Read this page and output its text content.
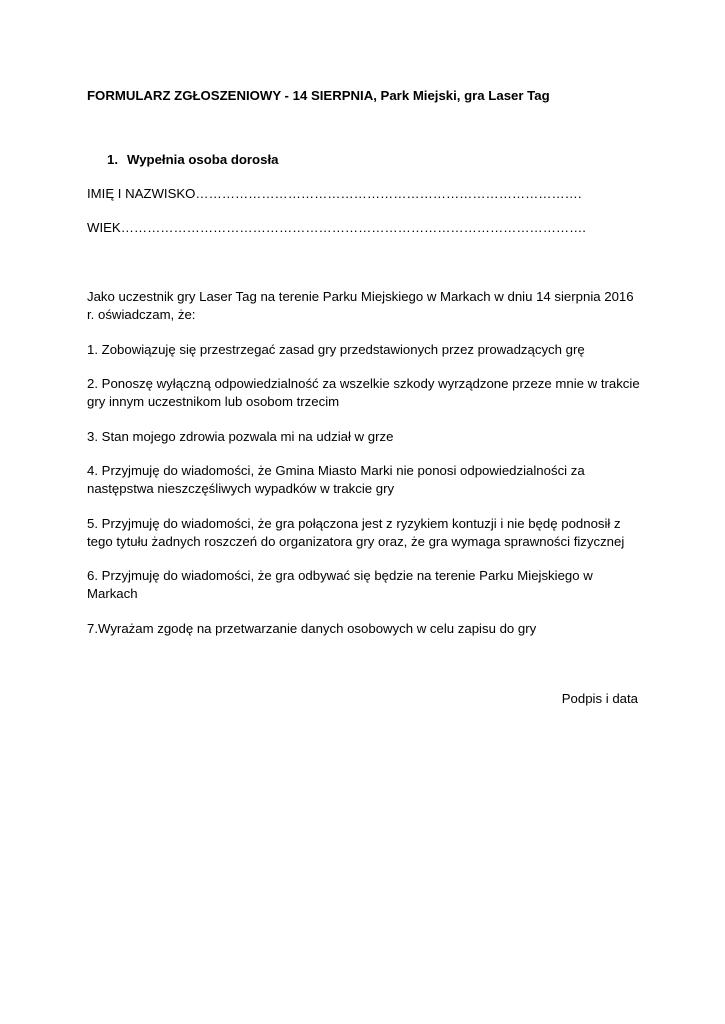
FORMULARZ ZGŁOSZENIOWY - 14 SIERPNIA, Park Miejski, gra Laser Tag
1. Wypełnia osoba dorosła
IMIĘ I NAZWISKO…………………………………………………………………………….
WIEK…………………………………………………………………………………………….
Jako uczestnik gry Laser Tag na terenie Parku Miejskiego w Markach w dniu 14 sierpnia 2016
r. oświadczam, że:
1. Zobowiązuję się przestrzegać zasad gry przedstawionych przez prowadzących grę
2. Ponoszę wyłączną odpowiedzialność za wszelkie szkody wyrządzone przeze mnie w trakcie
gry innym uczestnikom lub osobom trzecim
3. Stan mojego zdrowia pozwala mi na udział w grze
4. Przyjmuję do wiadomości, że Gmina Miasto Marki nie ponosi odpowiedzialności za
następstwa nieszczęśliwych wypadków w trakcie gry
5. Przyjmuję do wiadomości, że gra połączona jest z ryzykiem kontuzji i nie będę podnosił z
tego tytułu żadnych roszczeń do organizatora gry oraz, że gra wymaga sprawności fizycznej
6. Przyjmuję do wiadomości, że gra odbywać się będzie na terenie Parku Miejskiego w
Markach
7.Wyrażam zgodę na przetwarzanie danych osobowych w celu zapisu do gry
Podpis i data
